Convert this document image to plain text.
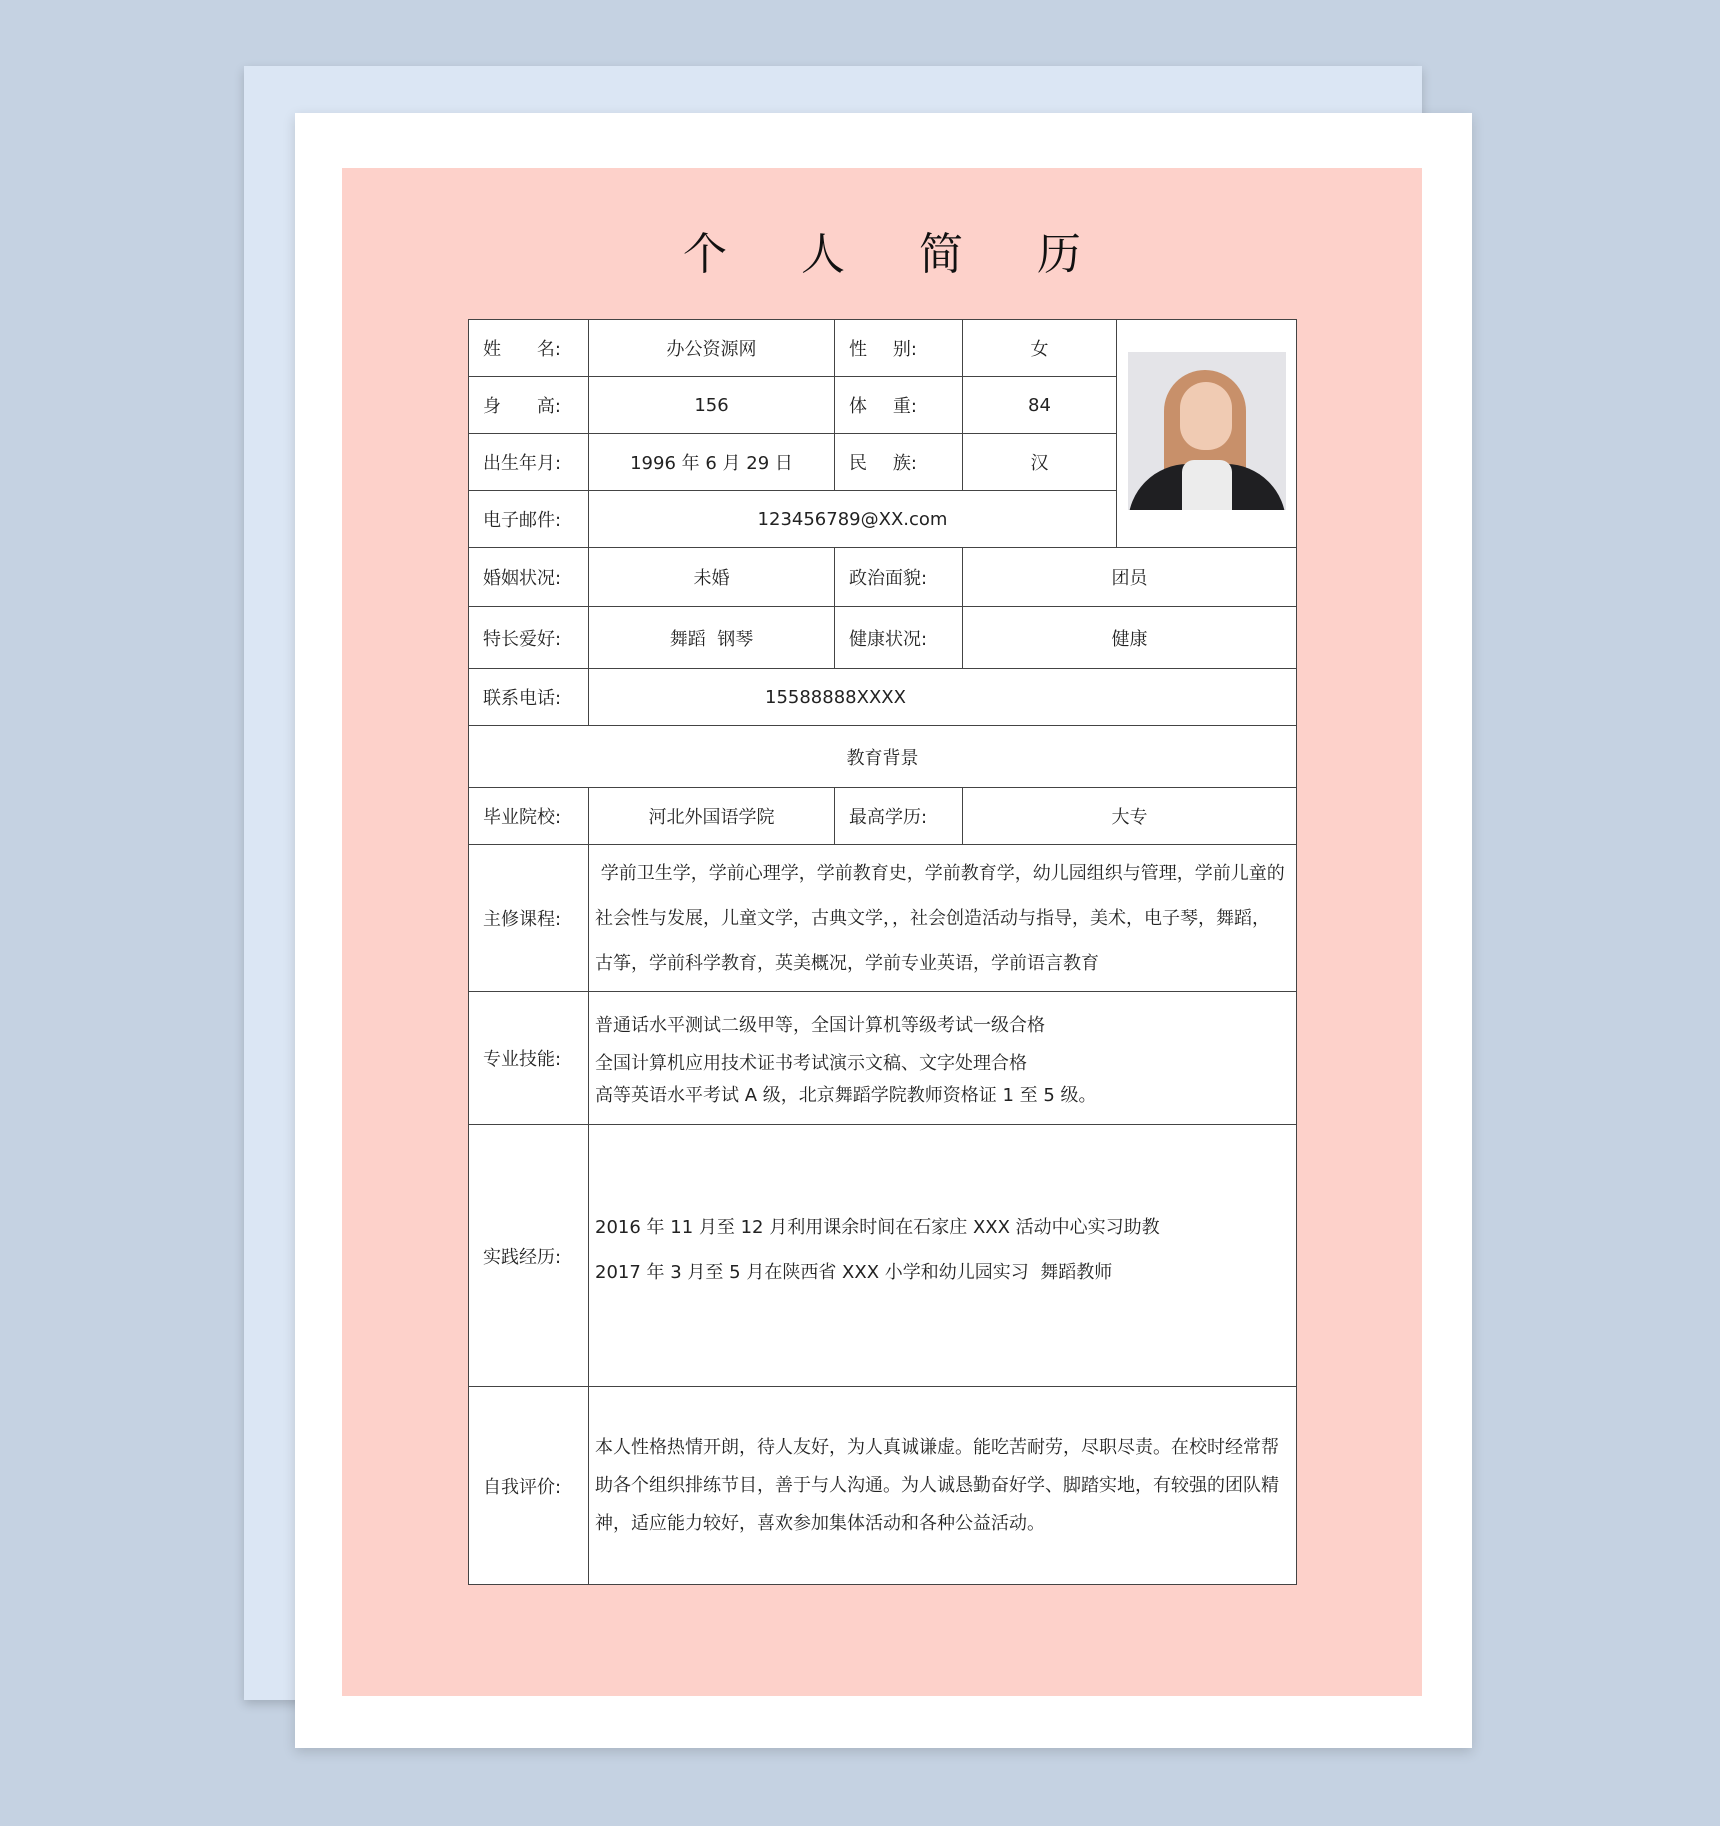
个 人 简 历
姓 名:	办公资源网	性 别:	女	

身 高:	156	体 重:	84	
出生年月:	1996 年 6 月 29 日	民 族:	汉	
电子邮件:	123456789@XX.com			
婚姻状况:	未婚	政治面貌:	团员	
特长爱好:	舞蹈  钢琴	健康状况:	健康	
联系电话:	15588888XXXX			
教育背景				
毕业院校:	河北外国语学院	最高学历:	大专	
主修课程:	学前卫生学，学前心理学，学前教育史，学前教育学，幼儿园组织与管理，学前儿童的
社会性与发展，儿童文学，古典文学，，社会创造活动与指导，美术，电子琴，舞蹈，
古筝，学前科学教育，英美概况，学前专业英语，学前语言教育			

专业技能:	普通话水平测试二级甲等，全国计算机等级考试一级合格
全国计算机应用技术证书考试演示文稿、文字处理合格
高等英语水平考试 A 级，北京舞蹈学院教师资格证 1 至 5 级。			

实践经历:	2016 年 11 月至 12 月利用课余时间在石家庄 XXX 活动中心实习助教
2017 年 3 月至 5 月在陕西省 XXX 小学和幼儿园实习  舞蹈教师			

自我评价:	本人性格热情开朗，待人友好，为人真诚谦虚。能吃苦耐劳，尽职尽责。在校时经常帮
助各个组织排练节目，善于与人沟通。为人诚恳勤奋好学、脚踏实地，有较强的团队精
神，适应能力较好，喜欢参加集体活动和各种公益活动。			
